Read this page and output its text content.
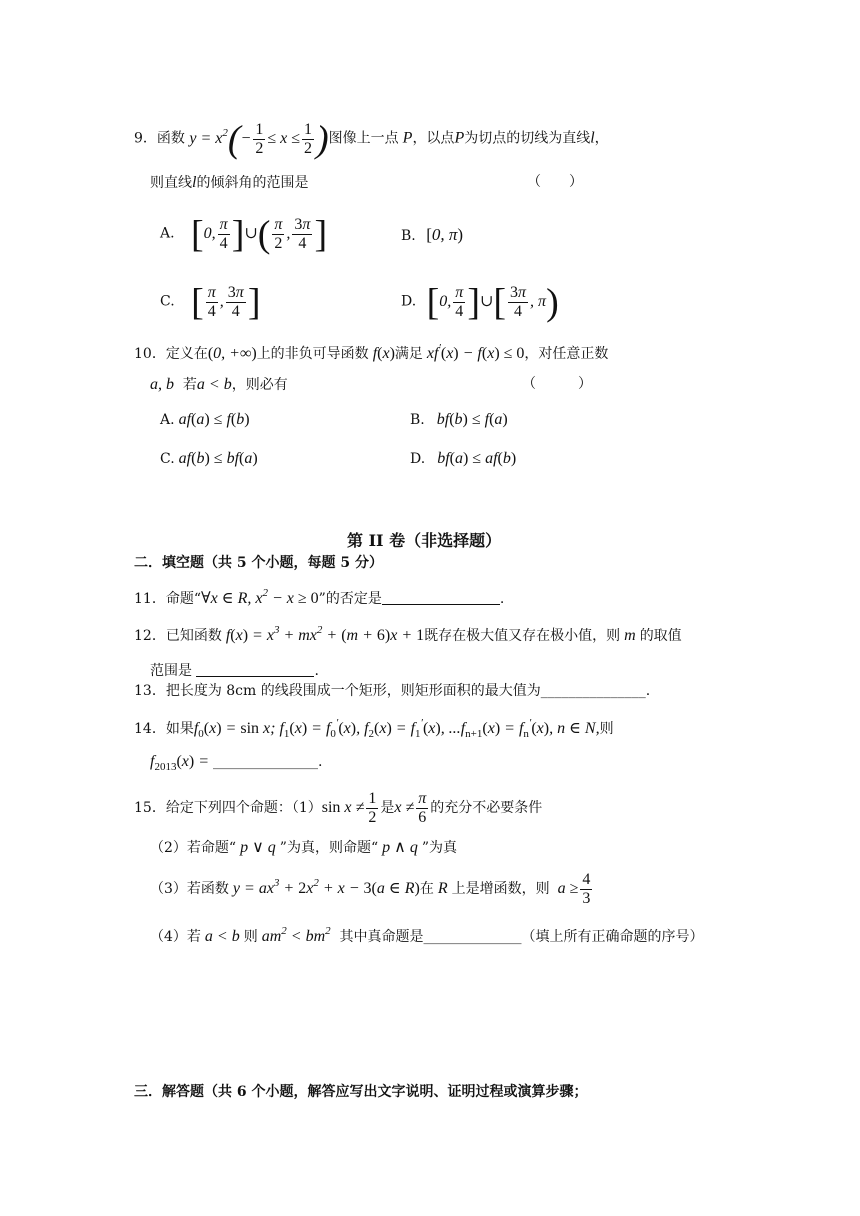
9．函数 $y = x^2(- \frac{1}{2} \le x \le \frac{1}{2}$ )图像上一点 P，以点P为切点的切线为直线l，
则直线l的倾斜角的范围是	（　　）
A. [0, $\frac{\pi}{4}$ ]∪( $\frac{\pi}{2}$ , $\frac{3\pi}{4}$ ]	B. [0, π)
C. [ $\frac{\pi}{4}$ , $\frac{3\pi}{4}$ ]	D. [0, $\frac{\pi}{4}$ ]∪[ $\frac{3\pi}{4}$ , π)
10．定义在(0, +∞)上的非负可导函数 f(x)满足 xf′(x) − f(x) ≤ 0，对任意正数
a, b 若a < b，则必有	（　　　）
A. af(a) ≤ f(b)	B. bf(b) ≤ f(a)
C. af(b) ≤ bf(a)	D. bf(a) ≤ af(b)
第 II 卷（非选择题）
二．填空题（共 5 个小题，每题 5 分）
11．命题“∀x ∈ R, $x^2 - x \ge 0$”的否定是	.
12．已知函数 $f(x) = x^3 + mx^2 + (m + 6)x + 1$既存在极大值又存在极小值，则 m 的取值
范围是	.
13．把长度为 8cm 的线段围成一个矩形，则矩形面积的最大值为_______________.
14．如果$f_0(x) = \sin x$; $f_1(x) = f_0'(x)$, $f_2(x) = f_1'(x)$, $...f_{n+1}(x) = f_n'(x)$, n ∈ N,则
$f_{2013}(x)$ = _______________.
15．给定下列四个命题：（1）sin $x \ne \frac{1}{2}$ 是$x \ne \frac{\pi}{6}$ 的充分不必要条件
（2）若命题“ p ∨ q ”为真，则命题“ p ∧ q ”为真
（3）若函数 $y = ax^3 + 2x^2 + x - 3(a$ ∈ R)在 R 上是增函数，则  $a \ge \frac{4}{3}$
（4）若 a < b 则 $am^2 < bm^2$ 其中真命题是______________（填上所有正确命题的序号）
三．解答题（共 6 个小题，解答应写出文字说明、证明过程或演算步骤；
